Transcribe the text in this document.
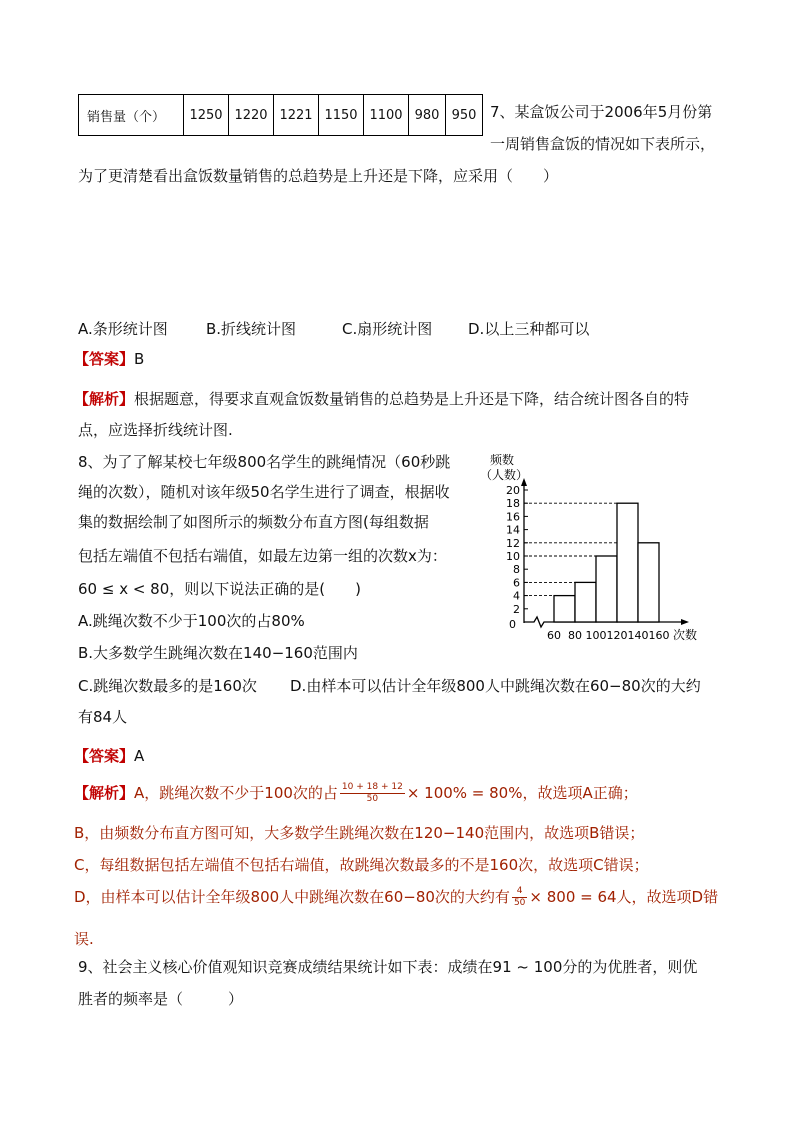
销售量（个）	1250	1220	1221	1150	1100	980	950 7、某盒饭公司于2006年5月份第
一周销售盒饭的情况如下表所示，
为了更清楚看出盒饭数量销售的总趋势是上升还是下降，应采用（　　）
A.条形统计图	B.折线统计图	C.扇形统计图 D.以上三种都可以
【答案】B
【解析】根据题意，得要求直观盒饭数量销售的总趋势是上升还是下降，结合统计图各自的特
点，应选择折线统计图.
8、为了了解某校七年级800名学生的跳绳情况（60秒跳
绳的次数），随机对该年级50名学生进行了调查，根据收
集的数据绘制了如图所示的频数分布直方图(每组数据
包括左端值不包括右端值，如最左边第一组的次数x为：
60 ≤ x < 80，则以下说法正确的是(　　)
A.跳绳次数不少于100次的占80%
B.大多数学生跳绳次数在140−160范围内
C.跳绳次数最多的是160次 D.由样本可以估计全年级800人中跳绳次数在60−80次的大约
有84人
【答案】A
【解析】A，跳绳次数不少于100次的占 $\frac{10 + 18 + 12}{50} \times 100\% = 80\%$，故选项A正确；
B，由频数分布直方图可知，大多数学生跳绳次数在120−140范围内，故选项B错误；
C，每组数据包括左端值不包括右端值，故跳绳次数最多的不是160次，故选项C错误；
D，由样本可以估计全年级800人中跳绳次数在60−80次的大约有 $\frac{4}{50} \times 800 = 64$人，故选项D错
误.
9、社会主义核心价值观知识竞赛成绩结果统计如下表：成绩在91 ~ 100分的为优胜者，则优
胜者的频率是（　　　）
2
4
6
8
10
12
14
16
18
20
0
60 80 100 120 140 160 次数
频数
（人数）
